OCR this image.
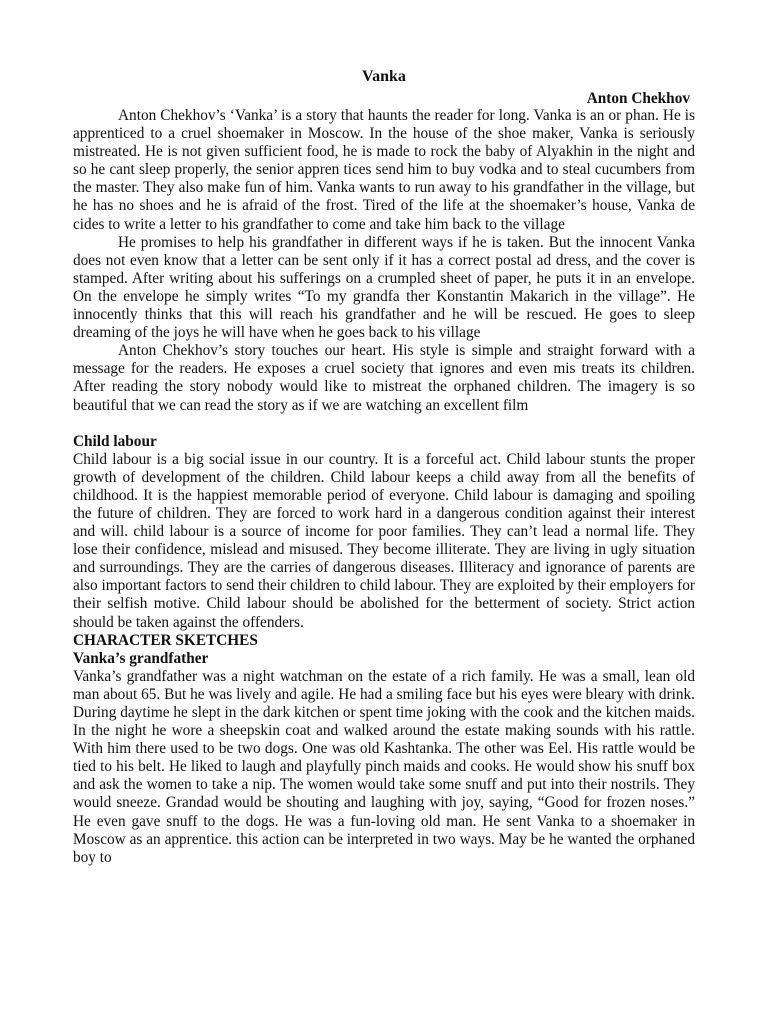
Vanka
Anton Chekhov

Anton Chekhov’s ‘Vanka’ is a story that haunts the reader for long. Vanka is an or phan. He is apprenticed to a cruel shoemaker in Moscow. In the house of the shoe maker, Vanka is seriously mistreated. He is not given sufficient food, he is made to rock the baby of Alyakhin in the night and so he cant sleep properly, the senior appren tices send him to buy vodka and to steal cucumbers from the master. They also make fun of him. Vanka wants to run away to his grandfather in the village, but he has no shoes and he is afraid of the frost. Tired of the life at the shoemaker’s house, Vanka de cides to write a letter to his grandfather to come and take him back to the village

He promises to help his grandfather in different ways if he is taken. But the innocent Vanka does not even know that a letter can be sent only if it has a correct postal ad dress, and the cover is stamped. After writing about his sufferings on a crumpled sheet of paper, he puts it in an envelope. On the envelope he simply writes “To my grandfa ther Konstantin Makarich in the village”. He innocently thinks that this will reach his grandfather and he will be rescued. He goes to sleep dreaming of the joys he will have when he goes back to his village

Anton Chekhov’s story touches our heart. His style is simple and straight forward with a message for the readers. He exposes a cruel society that ignores and even mis treats its children. After reading the story nobody would like to mistreat the orphaned children. The imagery is so beautiful that we can read the story as if we are watching an excellent film

Child labour

Child labour is a big social issue in our country. It is a forceful act. Child labour stunts the proper growth of development of the children. Child labour keeps a child away from all the benefits of childhood. It is the happiest memorable period of everyone. Child labour is damaging and spoiling the future of children. They are forced to work hard in a dangerous condition against their interest and will. child labour is a source of income for poor families. They can’t lead a normal life. They lose their confidence, mislead and misused. They become illiterate. They are living in ugly situation and surroundings. They are the carries of dangerous diseases. Illiteracy and ignorance of parents are also important factors to send their children to child labour. They are exploited by their employers for their selfish motive. Child labour should be abolished for the betterment of society. Strict action should be taken against the offenders.

CHARACTER SKETCHES
Vanka’s grandfather

Vanka’s grandfather was a night watchman on the estate of a rich family. He was a small, lean old man about 65. But he was lively and agile. He had a smiling face but his eyes were bleary with drink. During daytime he slept in the dark kitchen or spent time joking with the cook and the kitchen maids. In the night he wore a sheepskin coat and walked around the estate making sounds with his rattle. With him there used to be two dogs. One was old Kashtanka. The other was Eel. His rattle would be tied to his belt. He liked to laugh and playfully pinch maids and cooks. He would show his snuff box and ask the women to take a nip. The women would take some snuff and put into their nostrils. They would sneeze. Grandad would be shouting and laughing with joy, saying, “Good for frozen noses.” He even gave snuff to the dogs. He was a fun-loving old man. He sent Vanka to a shoemaker in Moscow as an apprentice. this action can be interpreted in two ways. May be he wanted the orphaned boy to
